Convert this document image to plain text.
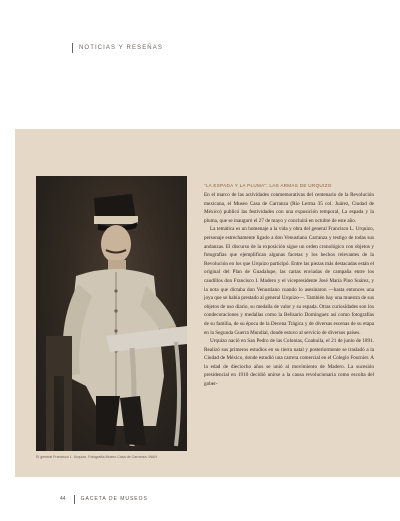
NOTICIAS Y RESEÑAS
El general Francisco L. Urquizo. Fotografía Museo Casa de Carranza. INAH
“LA ESPADA Y LA PLUMA”: LAS ARMAS DE URQUIZO

En el marco de las actividades conmemorativas del centenario de la Revolución mexicana, el Museo Casa de Carranza (Río Lerma 35 col. Juárez, Ciudad de México) publicó las festividades con una exposición temporal, La espada y la pluma, que se inauguró el 27 de mayo y concluirá en octubre de este año.

La temática es un homenaje a la vida y obra del general Francisco L. Urquizo, personaje estrechamente ligado a don Venustiano Carranza y testigo de todas sus andanzas. El discurso de la exposición sigue un orden cronológico con objetos y fotografías que ejemplifican algunas facetas y los hechos relevantes de la Revolución en los que Urquizo participó. Entre las piezas más destacadas están el original del Plan de Guadalupe, las cartas enviadas de campaña entre los caudillos don Francisco I. Madero y el vicepresidente José María Pino Suárez, y la nota que dictaba don Venustiano cuando lo asesinaron —hasta entonces una joya que se había prestado al general Urquizo—. También hay una muestra de sus objetos de uso diario, su medalla de valor y su espada. Otras curiosidades son los condecoraciones y medallas como la Belisario Domínguez así como fotografías de su familia, de su época de la Decena Trágica y de diversas escenas de su etapa en la Segunda Guerra Mundial, donde estuvo al servicio de diversos países.

Urquizo nació en San Pedro de las Colonias, Coahuila, el 21 de junio de 1891. Realizó sus primeros estudios en su tierra natal y posteriormente se trasladó a la Ciudad de México, donde estudió una carrera comercial en el Colegio Fournier. A la edad de dieciocho años se unió al movimiento de Madero. La sucesión presidencial en 1910 decidió unirse a la causa revolucionaria como escolta del gober-

44	GACETA DE MUSEOS
